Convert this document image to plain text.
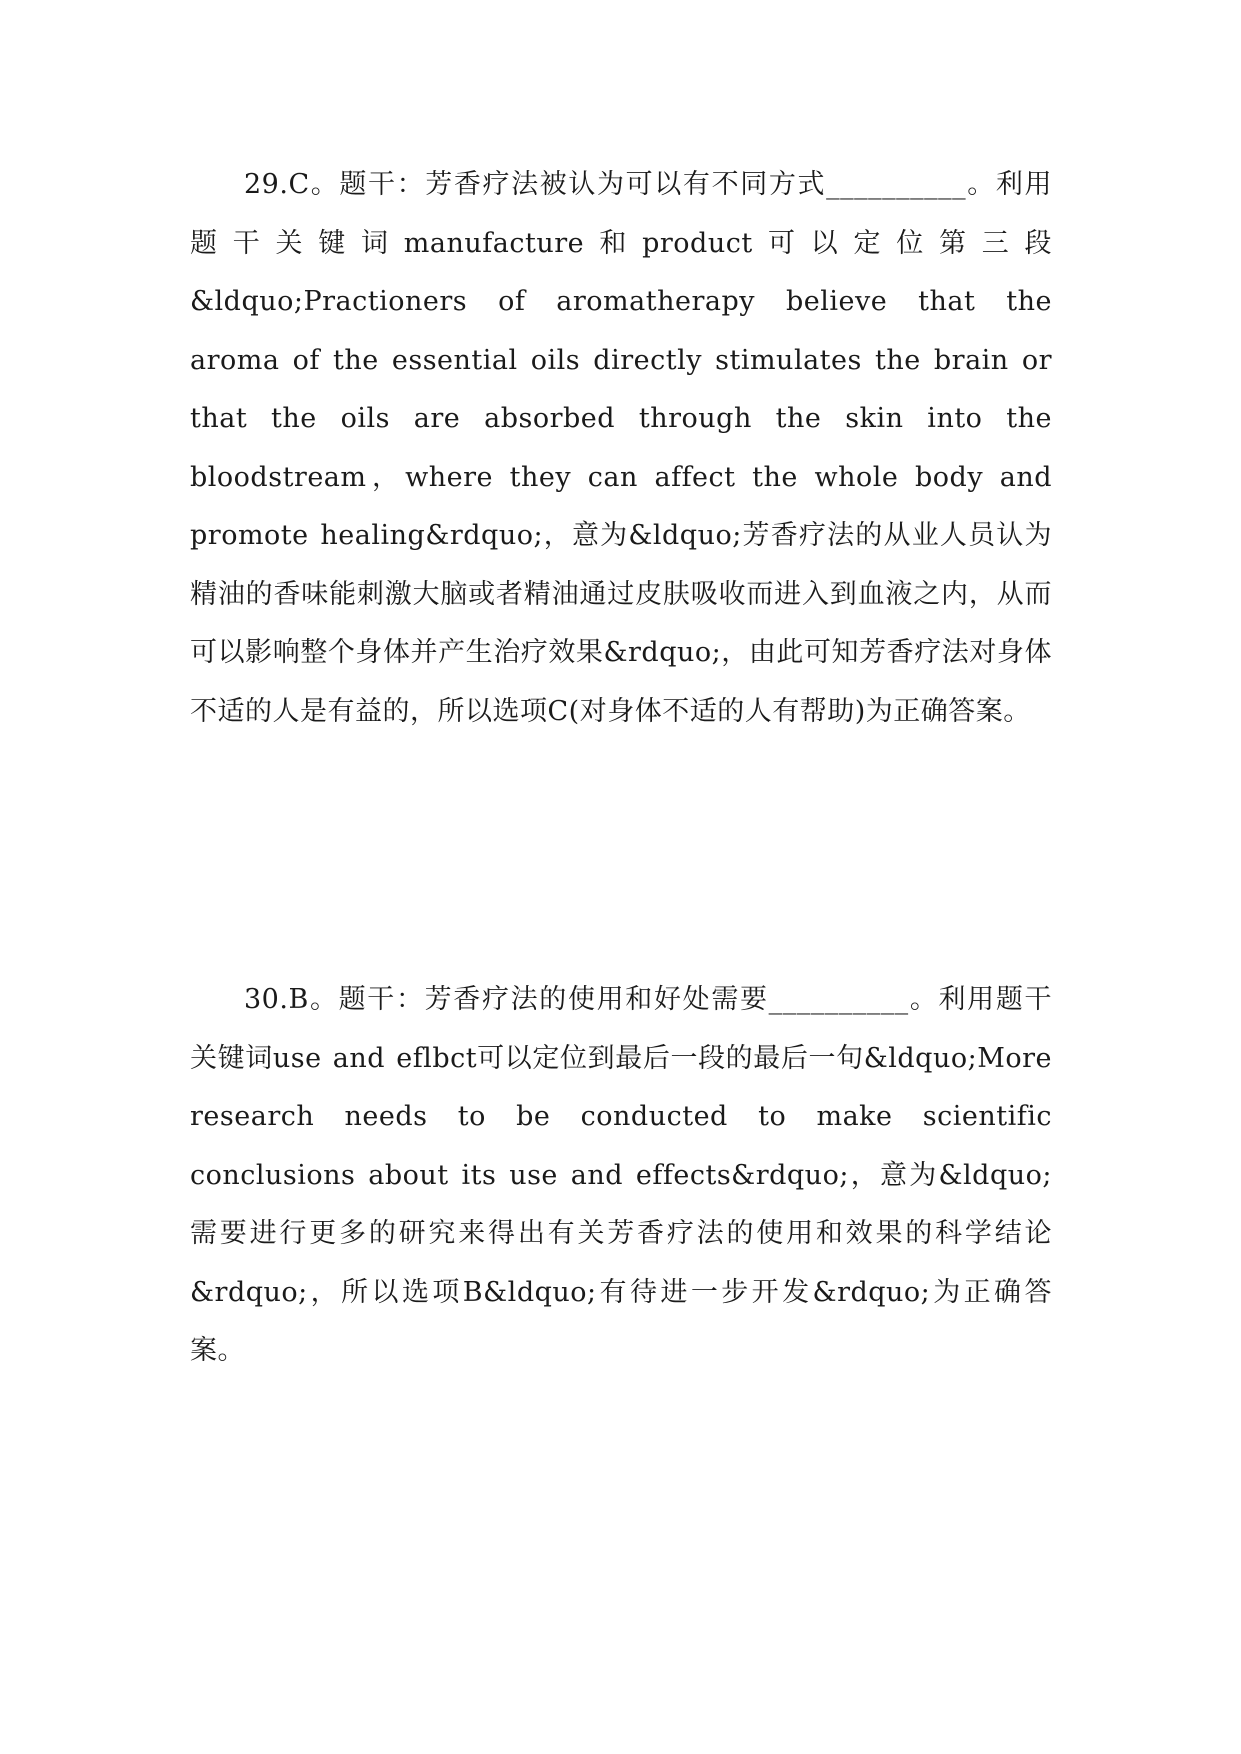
29.C。题干：芳香疗法被认为可以有不同方式__________。利用题干关键词manufacture和product可以定位第三段&ldquo;Practioners of aromatherapy believe that the aroma of the essential oils directly stimulates the brain or that the oils are absorbed through the skin into the bloodstream，where they can affect the whole body and promote healing&rdquo;，意为&ldquo;芳香疗法的从业人员认为精油的香味能刺激大脑或者精油通过皮肤吸收而进入到血液之内，从而可以影响整个身体并产生治疗效果&rdquo;，由此可知芳香疗法对身体不适的人是有益的，所以选项C(对身体不适的人有帮助)为正确答案。

30.B。题干：芳香疗法的使用和好处需要__________。利用题干关键词use and eflbct可以定位到最后一段的最后一句&ldquo;More research needs to be conducted to make scientific conclusions about its use and effects&rdquo;，意为&ldquo;需要进行更多的研究来得出有关芳香疗法的使用和效果的科学结论&rdquo;，所以选项B&ldquo;有待进一步开发&rdquo;为正确答案。
